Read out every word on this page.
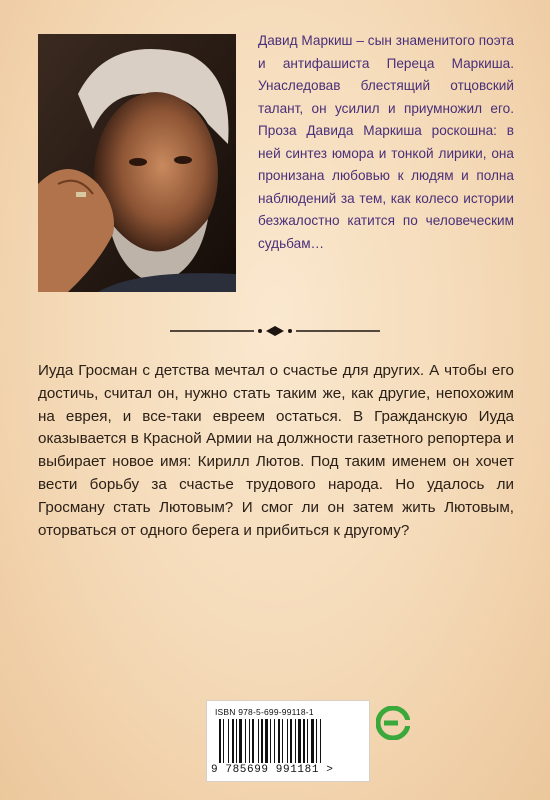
Давид Маркиш – сын знаменитого поэта и антифашиста Переца Маркиша. Унаследовав блестящий отцовский талант, он усилил и приумножил его. Проза Давида Маркиша роскошна: в ней синтез юмора и тонкой лирики, она пронизана любовью к людям и полна наблюдений за тем, как колесо истории безжалостно катится по человеческим судьбам…

Иуда Гросман с детства мечтал о счастье для других. А чтобы его достичь, считал он, нужно стать таким же, как другие, непохожим на еврея, и все-таки евреем остаться. В Гражданскую Иуда оказывается в Красной Армии на должности газетного репортера и выбирает новое имя: Кирилл Лютов. Под таким именем он хочет вести борьбу за счастье трудового народа. Но удалось ли Гросману стать Лютовым? И смог ли он затем жить Лютовым, оторваться от одного берега и прибиться к другому?

ISBN 978-5-699-99118-1
9 785699 991181 >
